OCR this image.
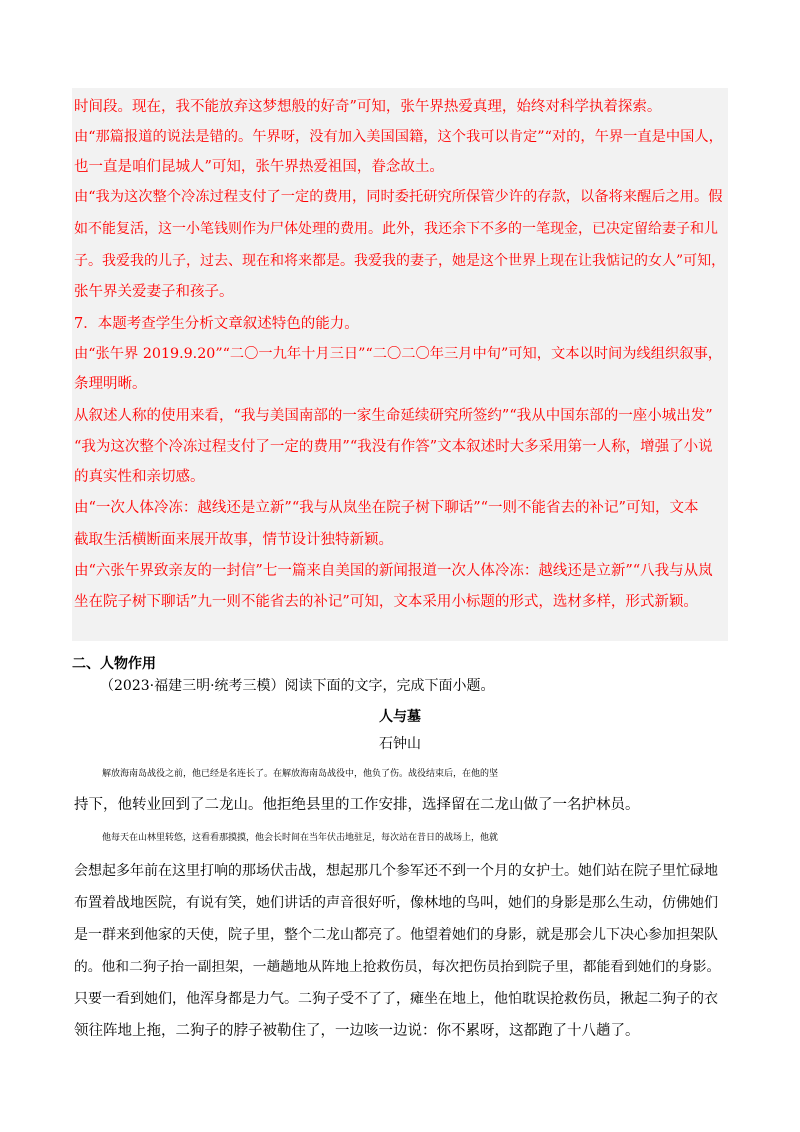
时间段。现在，我不能放弃这梦想般的好奇”可知，张午界热爱真理，始终对科学执着探索。
由“那篇报道的说法是错的。午界呀，没有加入美国国籍，这个我可以肯定”“对的，午界一直是中国人，
也一直是咱们昆城人”可知，张午界热爱祖国，眷念故土。
由“我为这次整个冷冻过程支付了一定的费用，同时委托研究所保管少许的存款，以备将来醒后之用。假
如不能复活，这一小笔钱则作为尸体处理的费用。此外，我还余下不多的一笔现金，已决定留给妻子和儿
子。我爱我的儿子，过去、现在和将来都是。我爱我的妻子，她是这个世界上现在让我惦记的女人”可知，
张午界关爱妻子和孩子。
7．本题考查学生分析文章叙述特色的能力。
由“张午界 2019.9.20”“二〇一九年十月三日”“二〇二〇年三月中旬”可知，文本以时间为线组织叙事，
条理明晰。
从叙述人称的使用来看，“我与美国南部的一家生命延续研究所签约”“我从中国东部的一座小城出发”
“我为这次整个冷冻过程支付了一定的费用”“我没有作答”文本叙述时大多采用第一人称，增强了小说
的真实性和亲切感。
由“一次人体冷冻：越线还是立新”“我与从岚坐在院子树下聊话”“一则不能省去的补记”可知，文本
截取生活横断面来展开故事，情节设计独特新颖。
由“六张午界致亲友的一封信”七一篇来自美国的新闻报道一次人体冷冻：越线还是立新”“八我与从岚
坐在院子树下聊话”九一则不能省去的补记”可知，文本采用小标题的形式，选材多样，形式新颖。
二、人物作用
（2023·福建三明·统考三模）阅读下面的文字，完成下面小题。
人与墓
石钟山
解放海南岛战役之前，他已经是名连长了。在解放海南岛战役中，他负了伤。战役结束后，在他的坚
持下，他转业回到了二龙山。他拒绝县里的工作安排，选择留在二龙山做了一名护林员。
他每天在山林里转悠，这看看那摸摸，他会长时间在当年伏击地驻足，每次站在昔日的战场上，他就
会想起多年前在这里打响的那场伏击战，想起那几个参军还不到一个月的女护士。她们站在院子里忙碌地
布置着战地医院，有说有笑，她们讲话的声音很好听，像林地的鸟叫，她们的身影是那么生动，仿佛她们
是一群来到他家的天使，院子里，整个二龙山都亮了。他望着她们的身影，就是那会儿下决心参加担架队
的。他和二狗子抬一副担架，一趟趟地从阵地上抢救伤员，每次把伤员抬到院子里，都能看到她们的身影。
只要一看到她们，他浑身都是力气。二狗子受不了了，瘫坐在地上，他怕耽误抢救伤员，揪起二狗子的衣
领往阵地上拖，二狗子的脖子被勒住了，一边咳一边说：你不累呀，这都跑了十八趟了。
